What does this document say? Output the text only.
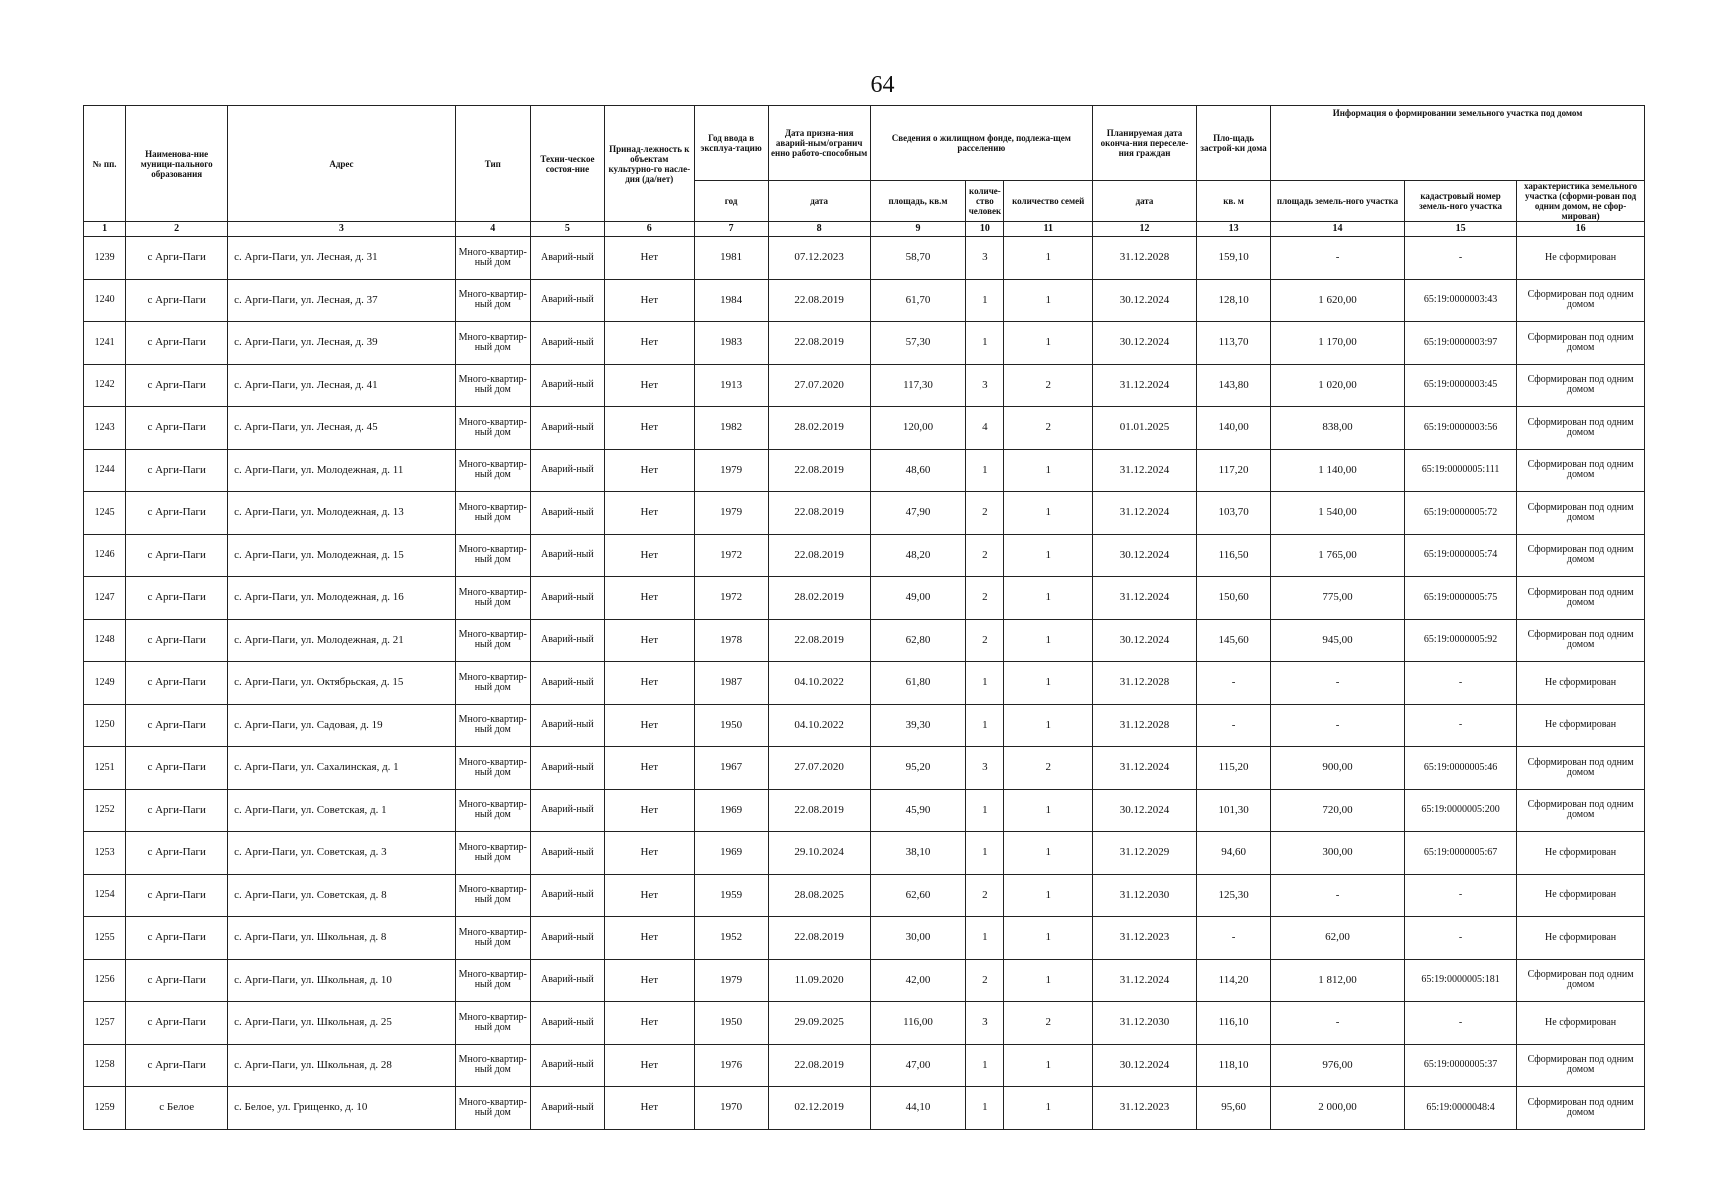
64
№ пп.	Наименова-ние муници-пального образования	Адрес	Тип	Техни-ческое состоя-ние	Принад-лежность к объектам культурно-го насле-дия (да/нет)	Год ввода в эксплуа-тацию	Дата призна-ния аварий-ным/огранич енно работо-способным	Сведения о жилищном фонде, подлежа-щем расселению			Планируемая дата оконча-ния переселе-ния граждан	Пло-щадь застрой-ки дома	Информация о формировании земельного участка под домом		
						год	дата	площадь, кв.м	количе-ство человек	количество семей	дата	кв. м	площадь земель-ного участка	кадастровый номер земель-ного участка	характеристика земельного участка (сформи-рован под одним домом, не сфор-мирован)
1	2	3	4	5	6	7	8	9	10	11	12	13	14	15	16
1239	с Арги-Паги	с. Арги-Паги, ул. Лесная, д. 31	Много-квартир-ный дом	Аварий-ный	Нет	1981	07.12.2023	58,70	3	1	31.12.2028	159,10	-	-	Не сформирован
1240	с Арги-Паги	с. Арги-Паги, ул. Лесная, д. 37	Много-квартир-ный дом	Аварий-ный	Нет	1984	22.08.2019	61,70	1	1	30.12.2024	128,10	1 620,00	65:19:0000003:43	Сформирован под одним домом
1241	с Арги-Паги	с. Арги-Паги, ул. Лесная, д. 39	Много-квартир-ный дом	Аварий-ный	Нет	1983	22.08.2019	57,30	1	1	30.12.2024	113,70	1 170,00	65:19:0000003:97	Сформирован под одним домом
1242	с Арги-Паги	с. Арги-Паги, ул. Лесная, д. 41	Много-квартир-ный дом	Аварий-ный	Нет	1913	27.07.2020	117,30	3	2	31.12.2024	143,80	1 020,00	65:19:0000003:45	Сформирован под одним домом
1243	с Арги-Паги	с. Арги-Паги, ул. Лесная, д. 45	Много-квартир-ный дом	Аварий-ный	Нет	1982	28.02.2019	120,00	4	2	01.01.2025	140,00	838,00	65:19:0000003:56	Сформирован под одним домом
1244	с Арги-Паги	с. Арги-Паги, ул. Молодежная, д. 11	Много-квартир-ный дом	Аварий-ный	Нет	1979	22.08.2019	48,60	1	1	31.12.2024	117,20	1 140,00	65:19:0000005:111	Сформирован под одним домом
1245	с Арги-Паги	с. Арги-Паги, ул. Молодежная, д. 13	Много-квартир-ный дом	Аварий-ный	Нет	1979	22.08.2019	47,90	2	1	31.12.2024	103,70	1 540,00	65:19:0000005:72	Сформирован под одним домом
1246	с Арги-Паги	с. Арги-Паги, ул. Молодежная, д. 15	Много-квартир-ный дом	Аварий-ный	Нет	1972	22.08.2019	48,20	2	1	30.12.2024	116,50	1 765,00	65:19:0000005:74	Сформирован под одним домом
1247	с Арги-Паги	с. Арги-Паги, ул. Молодежная, д. 16	Много-квартир-ный дом	Аварий-ный	Нет	1972	28.02.2019	49,00	2	1	31.12.2024	150,60	775,00	65:19:0000005:75	Сформирован под одним домом
1248	с Арги-Паги	с. Арги-Паги, ул. Молодежная, д. 21	Много-квартир-ный дом	Аварий-ный	Нет	1978	22.08.2019	62,80	2	1	30.12.2024	145,60	945,00	65:19:0000005:92	Сформирован под одним домом
1249	с Арги-Паги	с. Арги-Паги, ул. Октябрьская, д. 15	Много-квартир-ный дом	Аварий-ный	Нет	1987	04.10.2022	61,80	1	1	31.12.2028	-	-	-	Не сформирован
1250	с Арги-Паги	с. Арги-Паги, ул. Садовая, д. 19	Много-квартир-ный дом	Аварий-ный	Нет	1950	04.10.2022	39,30	1	1	31.12.2028	-	-	-	Не сформирован
1251	с Арги-Паги	с. Арги-Паги, ул. Сахалинская, д. 1	Много-квартир-ный дом	Аварий-ный	Нет	1967	27.07.2020	95,20	3	2	31.12.2024	115,20	900,00	65:19:0000005:46	Сформирован под одним домом
1252	с Арги-Паги	с. Арги-Паги, ул. Советская, д. 1	Много-квартир-ный дом	Аварий-ный	Нет	1969	22.08.2019	45,90	1	1	30.12.2024	101,30	720,00	65:19:0000005:200	Сформирован под одним домом
1253	с Арги-Паги	с. Арги-Паги, ул. Советская, д. 3	Много-квартир-ный дом	Аварий-ный	Нет	1969	29.10.2024	38,10	1	1	31.12.2029	94,60	300,00	65:19:0000005:67	Не сформирован
1254	с Арги-Паги	с. Арги-Паги, ул. Советская, д. 8	Много-квартир-ный дом	Аварий-ный	Нет	1959	28.08.2025	62,60	2	1	31.12.2030	125,30	-	-	Не сформирован
1255	с Арги-Паги	с. Арги-Паги, ул. Школьная, д. 8	Много-квартир-ный дом	Аварий-ный	Нет	1952	22.08.2019	30,00	1	1	31.12.2023	-	62,00	-	Не сформирован
1256	с Арги-Паги	с. Арги-Паги, ул. Школьная, д. 10	Много-квартир-ный дом	Аварий-ный	Нет	1979	11.09.2020	42,00	2	1	31.12.2024	114,20	1 812,00	65:19:0000005:181	Сформирован под одним домом
1257	с Арги-Паги	с. Арги-Паги, ул. Школьная, д. 25	Много-квартир-ный дом	Аварий-ный	Нет	1950	29.09.2025	116,00	3	2	31.12.2030	116,10	-	-	Не сформирован
1258	с Арги-Паги	с. Арги-Паги, ул. Школьная, д. 28	Много-квартир-ный дом	Аварий-ный	Нет	1976	22.08.2019	47,00	1	1	30.12.2024	118,10	976,00	65:19:0000005:37	Сформирован под одним домом
1259	с Белое	с. Белое, ул. Грищенко, д. 10	Много-квартир-ный дом	Аварий-ный	Нет	1970	02.12.2019	44,10	1	1	31.12.2023	95,60	2 000,00	65:19:0000048:4	Сформирован под одним домом
